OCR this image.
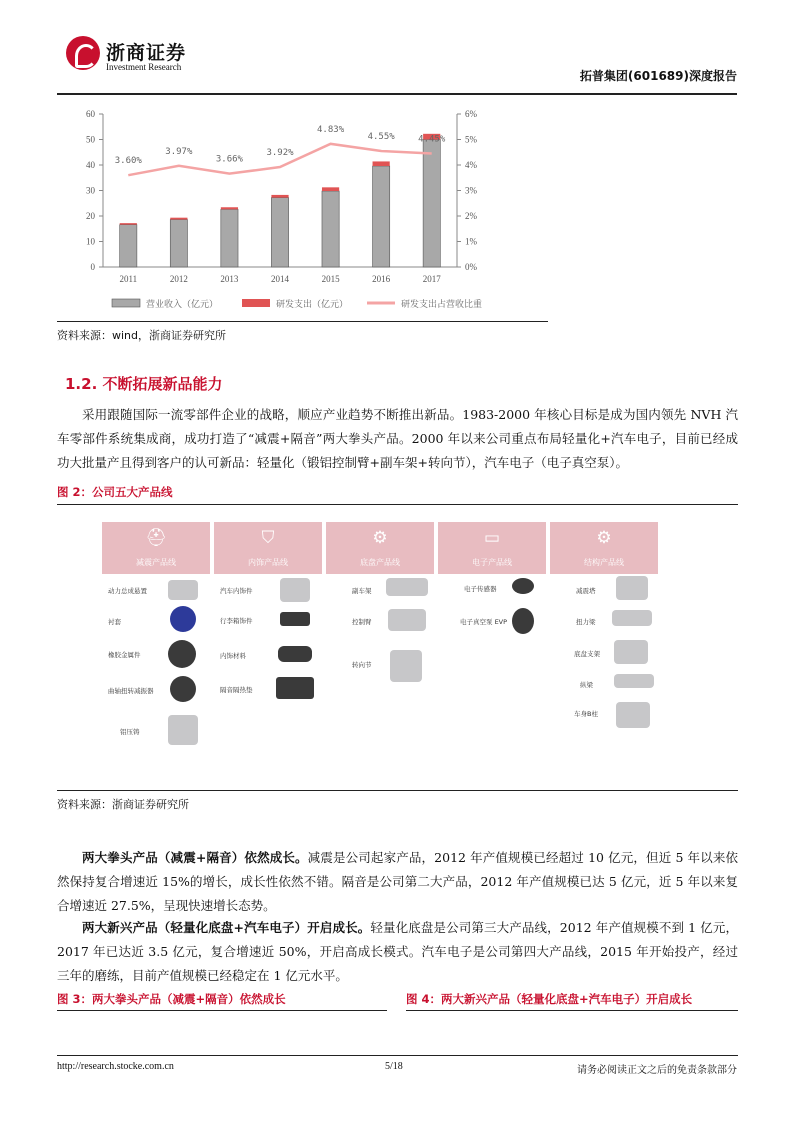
浙商证券
Investment Research
拓普集团(601689)深度报告
0
10
20
30
40
50
60
0%
1%
2%
3%
4%
5%
6%
2011	2012	2013	2014	2015	2016	2017
3.60%
3.97%
3.66%
3.92%
4.83%
4.55%	4.45%
营业收入（亿元）	研发支出（亿元）	研发支出占营收比重
资料来源：wind，浙商证券研究所
1.2. 不断拓展新品能力
采用跟随国际一流零部件企业的战略，顺应产业趋势不断推出新品。1983-2000 年核心目标是成为国内领先 NVH 汽车零部件系统集成商，成功打造了“减震+隔音”两大拳头产品。2000 年以来公司重点布局轻量化+汽车电子，目前已经成功大批量产且得到客户的认可新品：轻量化（锻铝控制臂+副车架+转向节），汽车电子（电子真空泵）。
图 2：公司五大产品线
⛑
减震产品线
动力总成悬置
衬套
橡胶金属件
曲轴扭转减振器
铝压铸
⛉
内饰产品线
汽车内饰件
行李箱饰件
内饰材料
隔音隔热垫
⚙
底盘产品线
副车架
控制臂
转向节
▭
电子产品线
电子传感器
电子真空泵 EVP
⚙
结构产品线
减震塔
扭力梁
底盘支架
纵梁
车身B柱
资料来源：浙商证券研究所
两大拳头产品（减震+隔音）依然成长。减震是公司起家产品，2012 年产值规模已经超过 10 亿元，但近 5 年以来依然保持复合增速近 15%的增长，成长性依然不错。隔音是公司第二大产品，2012 年产值规模已达 5 亿元，近 5 年以来复合增速近 27.5%，呈现快速增长态势。
两大新兴产品（轻量化底盘+汽车电子）开启成长。轻量化底盘是公司第三大产品线，2012 年产值规模不到 1 亿元，2017 年已达近 3.5 亿元，复合增速近 50%，开启高成长模式。汽车电子是公司第四大产品线，2015 年开始投产，经过三年的磨练，目前产值规模已经稳定在 1 亿元水平。
图 3：两大拳头产品（减震+隔音）依然成长	图 4：两大新兴产品（轻量化底盘+汽车电子）开启成长
http://research.stocke.com.cn	5/18	请务必阅读正文之后的免责条款部分
